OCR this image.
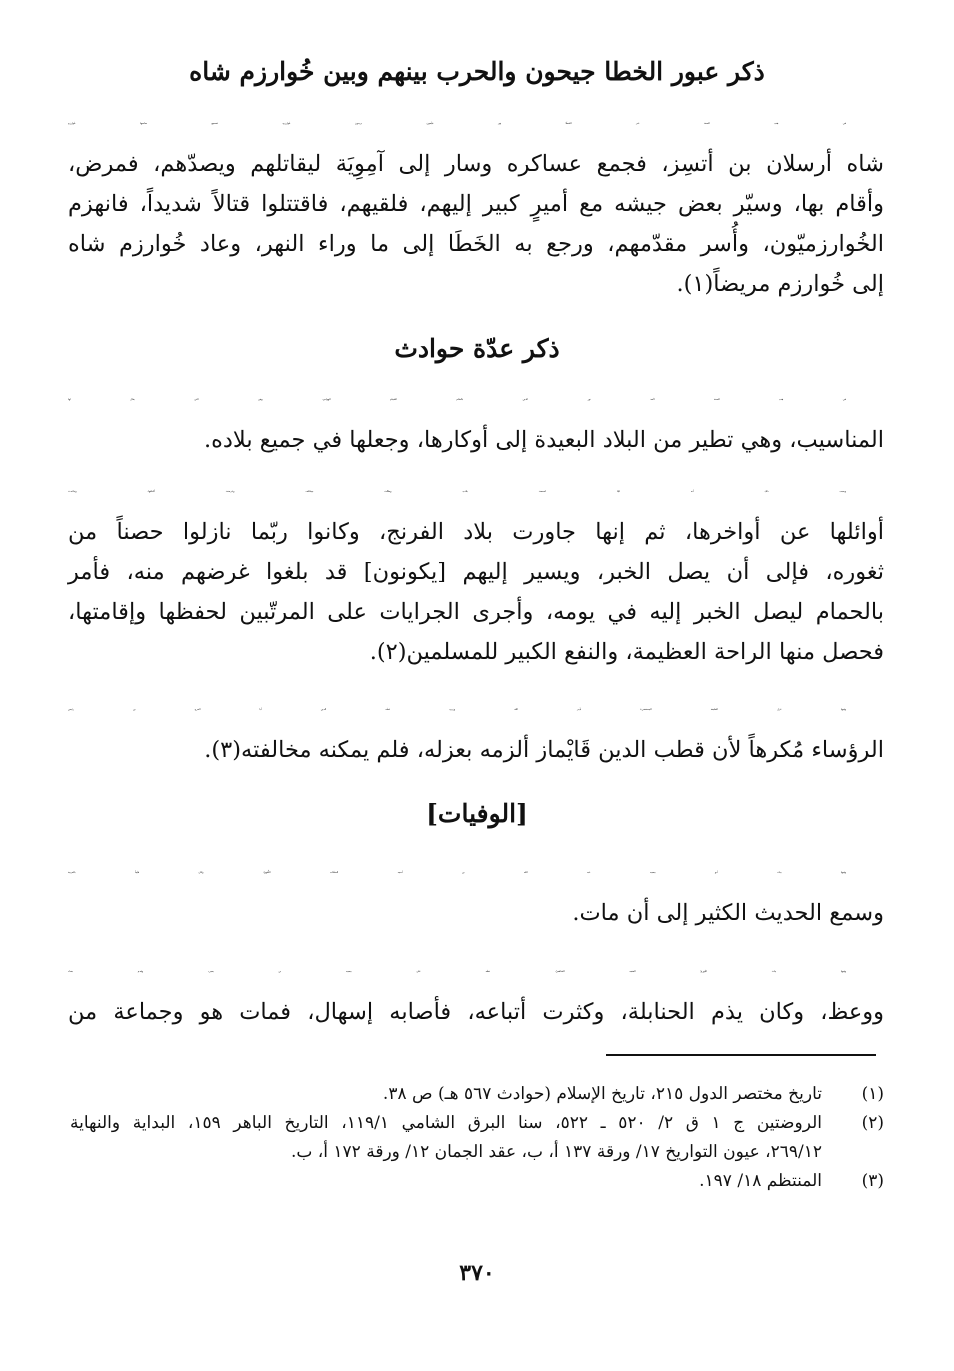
ذكر عبور الخطا جيحون والحرب بينهم وبين خُوارزم شاه
في هذه السنة عبر الخَطَا نهر جَيْحون يريدون خُوارزم، فسمع صاحبها خُوارزم
شاه أرسلان بن أتسِز، فجمع عساكره وسار إلى آمِوِيَة ليقاتلهم ويصدّهم، فمرض،
وأقام بها، وسيّر بعض جيشه مع أميرٍ كبير إليهم، فلقيهم، فاقتتلوا قتالاً شديداً، فانهزم
الخُوارزميّون، وأُسر مقدّمهم، ورجع به الخَطَا إلى ما وراء النهر، وعاد خُوارزم شاه
إلى خُوارزم مريضاً(١).
ذكر عدّة حوادث
في هذه السنة اتّخذ نور الدين بالشام الحَمام الهوادي، وهي التي يقال لها
المناسيب، وهي تطير من البلاد البعيدة إلى أوكارها، وجعلها في جميع بلاده.
وسبب ذلك أنه لمّا اتسعت بلاده، وطالت مملكته، وعرضت أكنافها، وتباعدت
أوائلها عن أواخرها، ثم إنها جاورت بلاد الفرنج، وكانوا ربّما نازلوا حصناً من
ثغوره، فإلى أن يصل الخبر، ويسير إليهم [يكونون] قد بلغوا غرضهم منه، فأمر
بالحمام ليصل الخبر إليه في يومه، وأجرى الجرايات على المرتّبين لحفظها وإقامتها،
فحصل منها الراحة العظيمة، والنفع الكبير للمسلمين(٢).
وفيها عزل الخليفة المستضيء بأمر الله وزيره عضُد الدين أبا الفرج بن رئيس
الرؤساء مُكرهاً لأن قطب الدين قَايْماز ألزمه بعزله، فلم يمكنه مخالفته(٣).
[الوفيات]
وفيها مات أبو محمد عبد الله بن أحمد الخشّاب اللُّغَوِيّ، وكان قيّماً بالعربية
وسمع الحديث الكثير إلى أن مات.
وفيها مات البُوريّ الفقيه الشافعيّ، تفقّه على محمد بن يحيى، وقدم بغداد
ووعظ، وكان يذم الحنابلة، وكثرت أتباعه، فأصابه إسهال، فمات هو وجماعة من
(١)
تاريخ مختصر الدول ٢١٥، تاريخ الإسلام (حوادث ٥٦٧ هـ) ص ٣٨.
(٢)
الروضتين ج ١ ق ٢/ ٥٢٠ ـ ٥٢٢، سنا البرق الشامي ١١٩/١، التاريخ الباهر ١٥٩، البداية والنهاية
٢٦٩/١٢، عيون التواريخ ١٧/ ورقة ١٣٧ أ، ب، عقد الجمان ١٢/ ورقة ١٧٢ أ، ب.
(٣)
المنتظم ١٨/ ١٩٧.
٣٧٠
